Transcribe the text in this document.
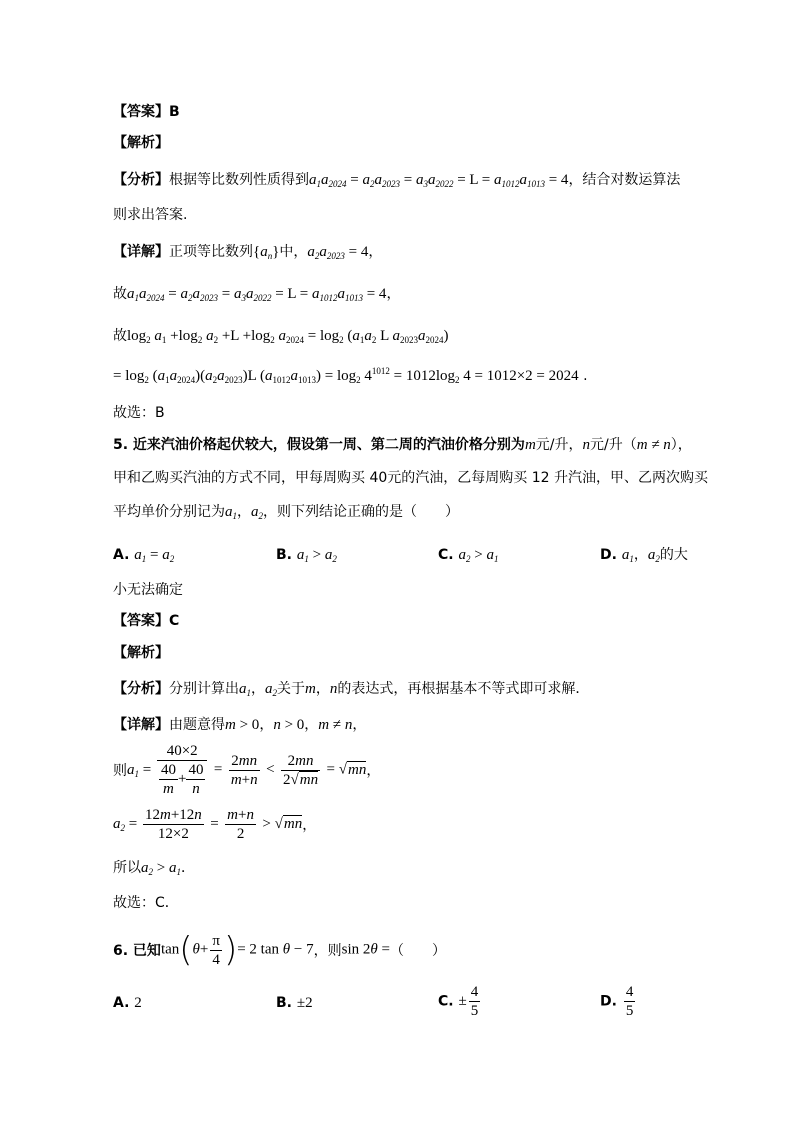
【答案】B
【解析】
【分析】根据等比数列性质得到$a_1a_{2024} = a_2a_{2023} = a_3a_{2022} = L = a_{1012}a_{1013} = 4$，结合对数运算法
则求出答案.
【详解】正项等比数列$\{a_n\}$中，$a_2a_{2023} = 4$，
故$a_1a_{2024} = a_2a_{2023} = a_3a_{2022} = L = a_{1012}a_{1013} = 4$，
故$\log_2 a_1 +\log_2$ $a_2 +L +\log_2$ $a_{2024} = \log_2 (a_1a_2$ L $a_{2023}a_{2024}$)
= $\log_2 (a_1a_{2024})(a_2a_{2023})L$ $(a_{1012}a_{1013}) = \log_2 4^{1012} = 1012\log_2$ 4 = 1012×2 = 2024 .
故选：B
5. 近来汽油价格起伏较大，假设第一周、第二周的汽油价格分别为m元/升，n元/升（m ≠ n），
甲和乙购买汽油的方式不同，甲每周购买 40元的汽油，乙每周购买 12 升汽油，甲、乙两次购买
平均单价分别记为$a_1$，$a_2$，则下列结论正确的是（　　）
A. $a_1 = a_2$	B. $a_1 > a_2$	C. $a_2 > a_1$	D. $a_1$，$a_2$的大
小无法确定
【答案】C
【解析】
【分析】分别计算出$a_1$，$a_2$关于m，n的表达式，再根据基本不等式即可求解．
【详解】由题意得m > 0，n > 0，m ≠ n，
则$a_1 = \frac{40\times 2}{\frac{40}{m} + \frac{40}{n}} = \frac{2mn}{m+n} < \frac{2mn}{2√mn} = √mn$，
$a_2 = \frac{12m+12n}{12\times 2} = \frac{m+n}{2} > √mn$，
所以$a_2 > a_1$．
故选：C．
6. 已知$\tan(\theta+ \frac{\pi}{4}$ )= 2 tan θ − 7，则sin 2θ =（　　）
A. 2	B. ±2	C. ± $\frac{4}{5}$	D. $\frac{4}{5}$
